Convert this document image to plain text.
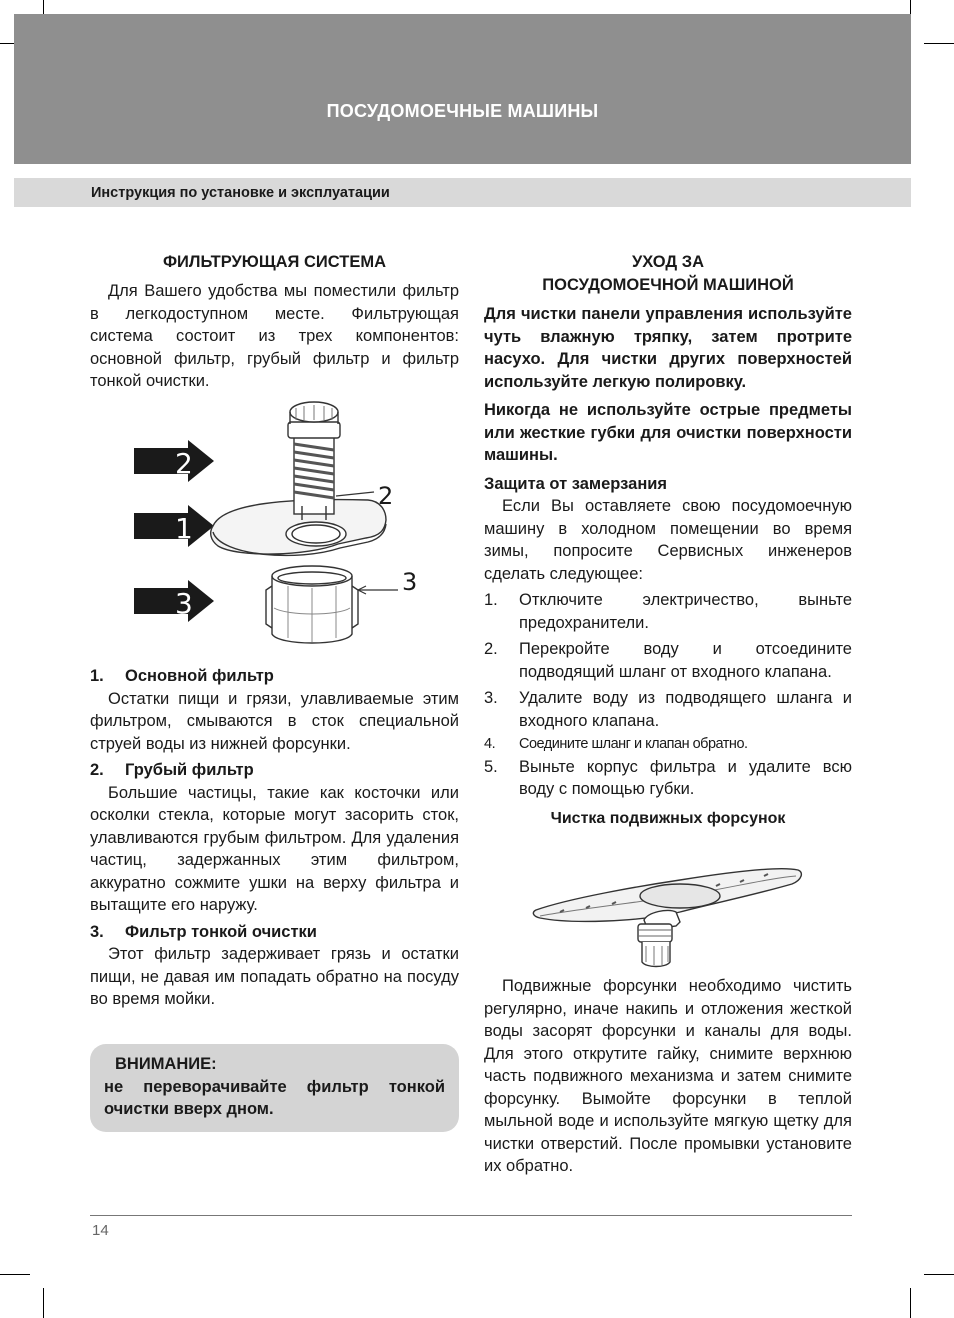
ПОСУДОМОЕЧНЫЕ МАШИНЫ
Инструкция по установке и эксплуатации
ФИЛЬТРУЮЩАЯ СИСТЕМА
Для Вашего удобства мы поместили фильтр в легкодоступном месте. Фильтрующая система состоит из трех компонентов: основной фильтр, грубый фильтр и фильтр тонкой очистки.
2
1
3
2
3
1. Основной фильтр
Остатки пищи и грязи, улавливаемые этим фильтром, смываются в сток специальной струей воды из нижней форсунки.
2. Грубый фильтр
Большие частицы, такие как косточки или осколки стекла, которые могут засорить сток, улавливаются грубым фильтром. Для удаления частиц, задержанных этим фильтром, аккуратно сожмите ушки на верху фильтра и вытащите его наружу.
3. Фильтр тонкой очистки
Этот фильтр задерживает грязь и остатки пищи, не давая им попадать обратно на посуду во время мойки.
ВНИМАНИЕ:
не переворачивайте фильтр тонкой очистки вверх дном.
УХОД ЗА
ПОСУДОМОЕЧНОЙ МАШИНОЙ
Для чистки панели управления используйте чуть влажную тряпку, затем протрите насухо. Для чистки других поверхностей используйте легкую полировку.
Никогда не используйте острые предметы или жесткие губки для очистки поверхности машины.
Защита от замерзания
Если Вы оставляете свою посудомоечную машину в холодном помещении во время зимы, попросите Сервисных инженеров сделать следующее:
1. Отключите электричество, выньте предохранители.
2. Перекройте воду и отсоедините подводящий шланг от входного клапана.
3. Удалите воду из подводящего шланга и входного клапана.
4. Соедините шланг и клапан обратно.
5. Выньте корпус фильтра и удалите всю воду с помощью губки.
Чистка подвижных форсунок
Подвижные форсунки необходимо чистить регулярно, иначе накипь и отложения жесткой воды засорят форсунки и каналы для воды. Для этого открутите гайку, снимите верхнюю часть подвижного механизма и затем снимите форсунку. Вымойте форсунки в теплой мыльной воде и используйте мягкую щетку для чистки отверстий. После промывки установите их обратно.
14
